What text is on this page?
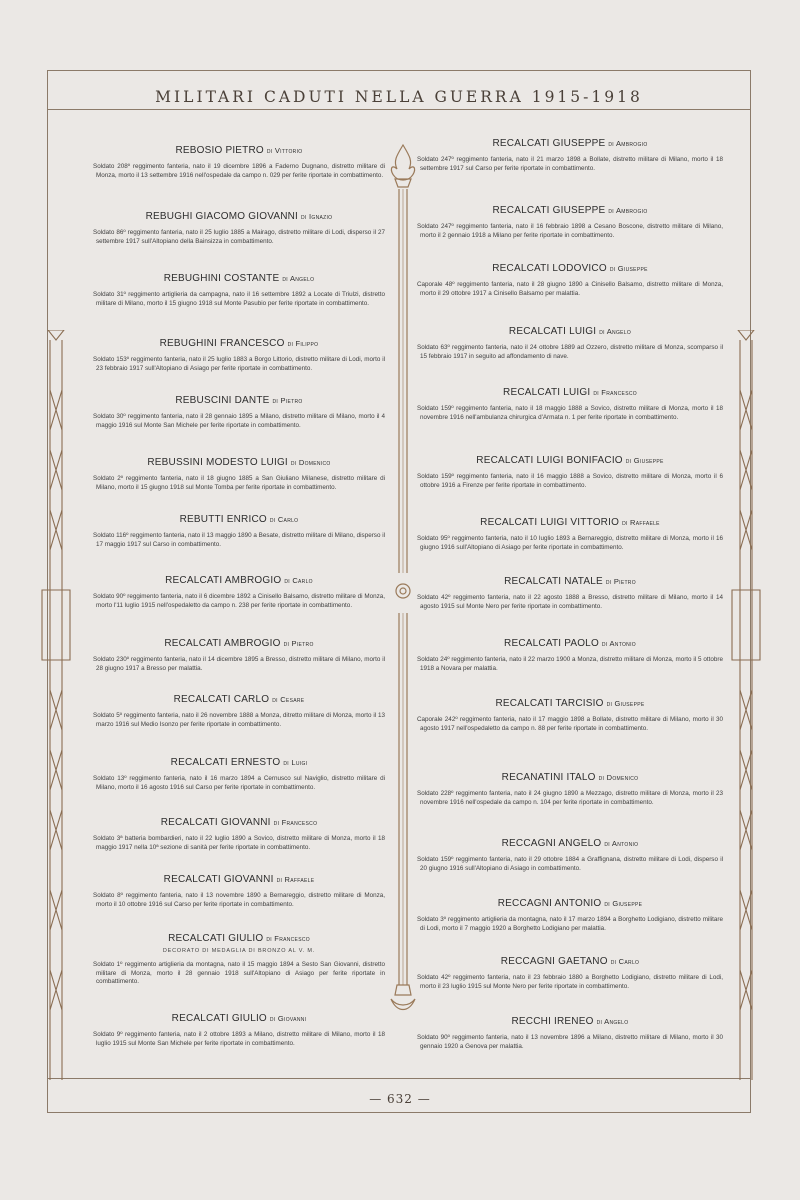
MILITARI CADUTI NELLA GUERRA 1915-1918
— 632 —
REBOSIO PIETRO di Vittorio
Soldato 208º reggimento fanteria, nato il 19 dicembre 1896 a Faderno Dugnano, distretto militare di Monza, morto il 13 settembre 1916 nell'ospedale da campo n. 029 per ferite riportate in combattimento.
REBUGHI GIACOMO GIOVANNI di Ignazio
Soldato 86º reggimento fanteria, nato il 25 luglio 1885 a Mairago, distretto militare di Lodi, disperso il 27 settembre 1917 sull'Altopiano della Bainsizza in combattimento.
REBUGHINI COSTANTE di Angelo
Soldato 31º reggimento artiglieria da campagna, nato il 16 settembre 1892 a Locate di Triulzi, distretto militare di Milano, morto il 15 giugno 1918 sul Monte Pasubio per ferite riportate in combattimento.
REBUGHINI FRANCESCO di Filippo
Soldato 153º reggimento fanteria, nato il 25 luglio 1883 a Borgo Littorio, distretto militare di Lodi, morto il 23 febbraio 1917 sull'Altopiano di Asiago per ferite riportate in combattimento.
REBUSCINI DANTE di Pietro
Soldato 30º reggimento fanteria, nato il 28 gennaio 1895 a Milano, distretto militare di Milano, morto il 4 maggio 1916 sul Monte San Michele per ferite riportate in combattimento.
REBUSSINI MODESTO LUIGI di Domenico
Soldato 2º reggimento fanteria, nato il 18 giugno 1885 a San Giuliano Milanese, distretto militare di Milano, morto il 15 giugno 1918 sul Monte Tomba per ferite riportate in combattimento.
REBUTTI ENRICO di Carlo
Soldato 116º reggimento fanteria, nato il 13 maggio 1890 a Besate, distretto militare di Milano, disperso il 17 maggio 1917 sul Carso in combattimento.
RECALCATI AMBROGIO di Carlo
Soldato 90º reggimento fanteria, nato il 6 dicembre 1892 a Cinisello Balsamo, distretto militare di Monza, morto l'11 luglio 1915 nell'ospedaletto da campo n. 238 per ferite riportate in combattimento.
RECALCATI AMBROGIO di Pietro
Soldato 230º reggimento fanteria, nato il 14 dicembre 1895 a Bresso, distretto militare di Milano, morto il 28 giugno 1917 a Bresso per malattia.
RECALCATI CARLO di Cesare
Soldato 5º reggimento fanteria, nato il 26 novembre 1888 a Monza, ditretto militare di Monza, morto il 13 marzo 1916 sul Medio Isonzo per ferite riportate in combattimento.
RECALCATI ERNESTO di Luigi
Soldato 13º reggimento fanteria, nato il 16 marzo 1894 a Cernusco sul Naviglio, distretto militare di Milano, morto il 16 agosto 1916 sul Carso per ferite riportate in combattimento.
RECALCATI GIOVANNI di Francesco
Soldato 3ª batteria bombardieri, nato il 22 luglio 1890 a Sovico, distretto militare di Monza, morto il 18 maggio 1917 nella 10ª sezione di sanità per ferite riportate in combattimento.
RECALCATI GIOVANNI di Raffaele
Soldato 8º reggimento fanteria, nato il 13 novembre 1890 a Bernareggio, distretto militare di Monza, morto il 10 ottobre 1916 sul Carso per ferite riportate in combattimento.
RECALCATI GIULIO di Francesco
DECORATO DI MEDAGLIA DI BRONZO AL V. M.
Soldato 1º reggimento artiglieria da montagna, nato il 15 maggio 1894 a Sesto San Giovanni, distretto militare di Monza, morto il 28 gennaio 1918 sull'Altopiano di Asiago per ferite riportate in combattimento.
RECALCATI GIULIO di Giovanni
Soldato 9º reggimento fanteria, nato il 2 ottobre 1893 a Milano, distretto militare di Milano, morto il 18 luglio 1915 sul Monte San Michele per ferite riportate in combattimento.
RECALCATI GIUSEPPE di Ambrogio
Soldato 247º reggimento fanteria, nato il 21 marzo 1898 a Bollate, distretto militare di Milano, morto il 18 settembre 1917 sul Carso per ferite riportate in combattimento.
RECALCATI GIUSEPPE di Ambrogio
Soldato 247º reggimento fanteria, nato il 16 febbraio 1898 a Cesano Boscone, distretto militare di Milano, morto il 2 gennaio 1918 a Milano per ferite riportate in combattimento.
RECALCATI LODOVICO di Giuseppe
Caporale 48º reggimento fanteria, nato il 28 giugno 1890 a Cinisello Balsamo, distretto militare di Monza, morto il 29 ottobre 1917 a Cinisello Balsamo per malattia.
RECALCATI LUIGI di Angelo
Soldato 63º reggimento fanteria, nato il 24 ottobre 1889 ad Ozzero, distretto militare di Monza, scomparso il 15 febbraio 1917 in seguito ad affondamento di nave.
RECALCATI LUIGI di Francesco
Soldato 159º reggimento fanteria, nato il 18 maggio 1888 a Sovico, distretto militare di Monza, morto il 18 novembre 1916 nell'ambulanza chirurgica d'Armata n. 1 per ferite riportate in combattimento.
RECALCATI LUIGI BONIFACIO di Giuseppe
Soldato 159º reggimento fanteria, nato il 16 maggio 1888 a Sovico, distretto militare di Monza, morto il 6 ottobre 1916 a Firenze per ferite riportate in combattimento.
RECALCATI LUIGI VITTORIO di Raffaele
Soldato 95º reggimento fanteria, nato il 10 luglio 1893 a Bernareggio, distretto militare di Monza, morto il 16 giugno 1916 sull'Altopiano di Asiago per ferite riportate in combattimento.
RECALCATI NATALE di Pietro
Soldato 42º reggimento fanteria, nato il 22 agosto 1888 a Bresso, distretto militare di Milano, morto il 14 agosto 1915 sul Monte Nero per ferite riportate in combattimento.
RECALCATI PAOLO di Antonio
Soldato 24º reggimento fanteria, nato il 22 marzo 1900 a Monza, distretto militare di Monza, morto il 5 ottobre 1918 a Novara per malattia.
RECALCATI TARCISIO di Giuseppe
Caporale 242º reggimento fanteria, nato il 17 maggio 1898 a Bollate, distretto militare di Milano, morto il 30 agosto 1917 nell'ospedaletto da campo n. 88 per ferite riportate in combattimento.
RECANATINI ITALO di Domenico
Soldato 228º reggimento fanteria, nato il 24 giugno 1890 a Mezzago, distretto militare di Monza, morto il 23 novembre 1916 nell'ospedale da campo n. 104 per ferite riportate in combattimento.
RECCAGNI ANGELO di Antonio
Soldato 159º reggimento fanteria, nato il 29 ottobre 1884 a Graffignana, distretto militare di Lodi, disperso il 20 giugno 1916 sull'Altopiano di Asiago in combattimento.
RECCAGNI ANTONIO di Giuseppe
Soldato 3º reggimento artiglieria da montagna, nato il 17 marzo 1894 a Borghetto Lodigiano, distretto militare di Lodi, morto il 7 maggio 1920 a Borghetto Lodigiano per malattia.
RECCAGNI GAETANO di Carlo
Soldato 42º reggimento fanteria, nato il 23 febbraio 1880 a Borghetto Lodigiano, distretto militare di Lodi, morto il 23 luglio 1915 sul Monte Nero per ferite riportate in combattimento.
RECCHI IRENEO di Angelo
Soldato 90º reggimento fanteria, nato il 13 novembre 1896 a Milano, distretto militare di Milano, morto il 30 gennaio 1920 a Genova per malattia.
